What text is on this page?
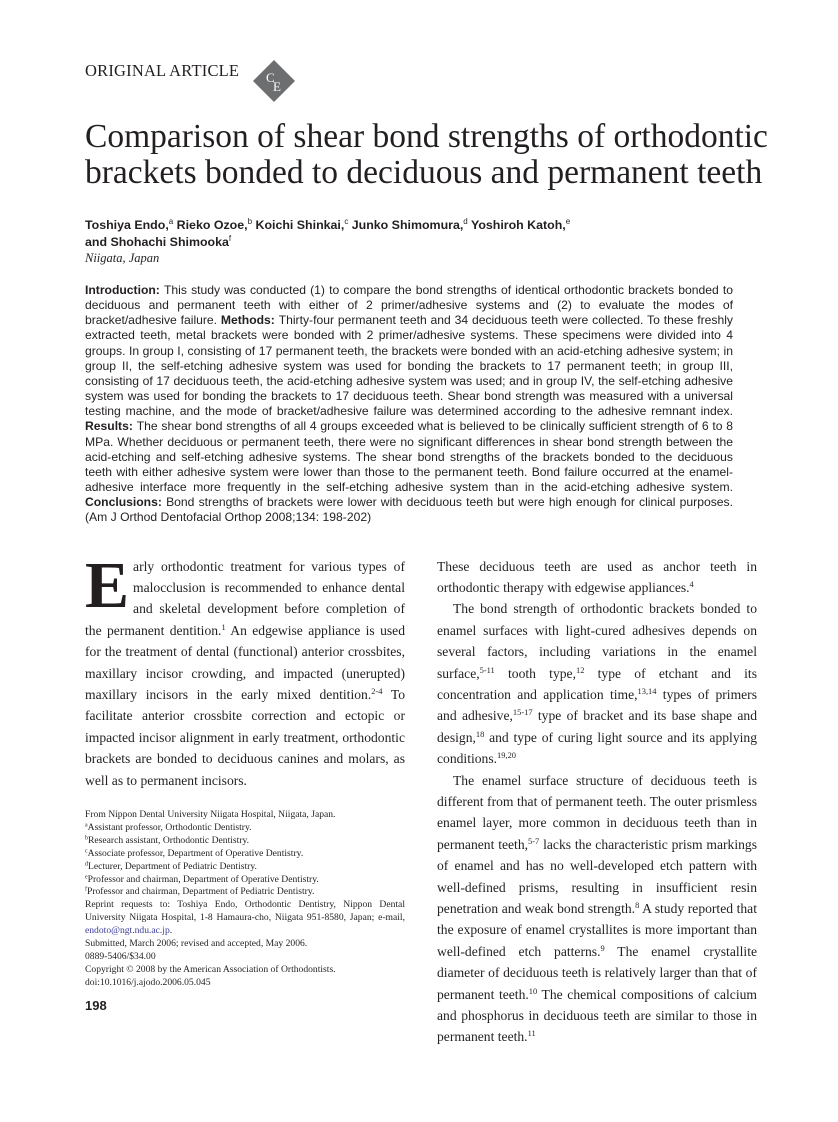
ORIGINAL ARTICLE C
E
Comparison of shear bond strengths of orthodontic brackets bonded to deciduous and permanent teeth
Toshiya Endo,$^a$ Rieko Ozoe,$^b$ Koichi Shinkai,$^c$ Junko Shimomura,$^d$ Yoshiroh Katoh,$^e$
and Shohachi Shimooka$^f$
Niigata, Japan
Introduction: This study was conducted (1) to compare the bond strengths of identical orthodontic brackets bonded to deciduous and permanent teeth with either of 2 primer/adhesive systems and (2) to evaluate the modes of bracket/adhesive failure. Methods: Thirty-four permanent teeth and 34 deciduous teeth were collected. To these freshly extracted teeth, metal brackets were bonded with 2 primer/adhesive systems. These specimens were divided into 4 groups. In group I, consisting of 17 permanent teeth, the brackets were bonded with an acid-etching adhesive system; in group II, the self-etching adhesive system was used for bonding the brackets to 17 permanent teeth; in group III, consisting of 17 deciduous teeth, the acid-etching adhesive system was used; and in group IV, the self-etching adhesive system was used for bonding the brackets to 17 deciduous teeth. Shear bond strength was measured with a universal testing machine, and the mode of bracket/adhesive failure was determined according to the adhesive remnant index. Results: The shear bond strengths of all 4 groups exceeded what is believed to be clinically sufficient strength of 6 to 8 MPa. Whether deciduous or permanent teeth, there were no significant differences in shear bond strength between the acid-etching and self-etching adhesive systems. The shear bond strengths of the brackets bonded to the deciduous teeth with either adhesive system were lower than those to the permanent teeth. Bond failure occurred at the enamel-adhesive interface more frequently in the self-etching adhesive system than in the acid-etching adhesive system. Conclusions: Bond strengths of brackets were lower with deciduous teeth but were high enough for clinical purposes. (Am J Orthod Dentofacial Orthop 2008;134: 198-202)
E arly orthodontic treatment for various types of malocclusion is recommended to enhance dental and skeletal development before completion of the permanent dentition.$^1$ An edgewise appliance is used for the treatment of dental (functional) anterior crossbites, maxillary incisor crowding, and impacted (unerupted) maxillary incisors in the early mixed dentition.$^{2-4}$ To facilitate anterior crossbite correction and ectopic or impacted incisor alignment in early treatment, orthodontic brackets are bonded to deciduous canines and molars, as well as to permanent incisors.
From Nippon Dental University Niigata Hospital, Niigata, Japan.
$^a$Assistant professor, Orthodontic Dentistry.
$^b$Research assistant, Orthodontic Dentistry.
$^c$Associate professor, Department of Operative Dentistry.
$^d$Lecturer, Department of Pediatric Dentistry.
$^e$Professor and chairman, Department of Operative Dentistry.
$^f$Professor and chairman, Department of Pediatric Dentistry.
Reprint requests to: Toshiya Endo, Orthodontic Dentistry, Nippon Dental University Niigata Hospital, 1-8 Hamaura-cho, Niigata 951-8580, Japan; e-mail, endoto@ngt.ndu.ac.jp.
Submitted, March 2006; revised and accepted, May 2006.
0889-5406/$34.00
Copyright © 2008 by the American Association of Orthodontists.
doi:10.1016/j.ajodo.2006.05.045
198

These deciduous teeth are used as anchor teeth in orthodontic therapy with edgewise appliances.$^4$

The bond strength of orthodontic brackets bonded to enamel surfaces with light-cured adhesives depends on several factors, including variations in the enamel surface,$^{5-11}$ tooth type,$^{12}$ type of etchant and its concentration and application time,$^{13,14}$ types of primers and adhesive,$^{15-17}$ type of bracket and its base shape and design,$^{18}$ and type of curing light source and its applying conditions.$^{19,20}$

The enamel surface structure of deciduous teeth is different from that of permanent teeth. The outer prismless enamel layer, more common in deciduous teeth than in permanent teeth,$^{5-7}$ lacks the characteristic prism markings of enamel and has no well-developed etch pattern with well-defined prisms, resulting in insufficient resin penetration and weak bond strength.$^8$ A study reported that the exposure of enamel crystallites is more important than well-defined etch patterns.$^9$ The enamel crystallite diameter of deciduous teeth is relatively larger than that of permanent teeth.$^{10}$ The chemical compositions of calcium and phosphorus in deciduous teeth are similar to those in permanent teeth.$^{11}$
